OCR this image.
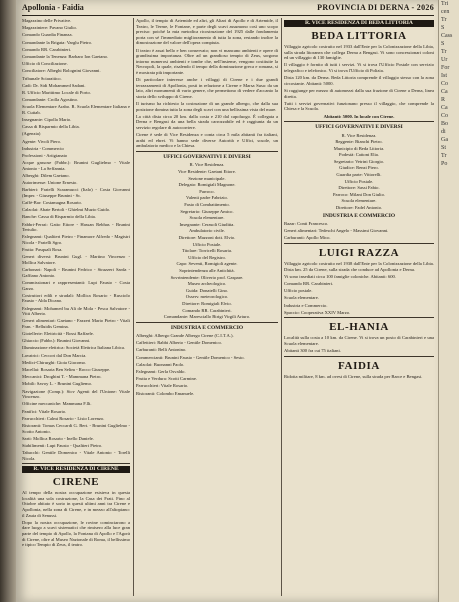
Apollonia - Faidia	PROVINCIA DI DERNA - 2026
Magazzino delle Privative.
Magazziniere: Pavano Giulio.
Comando Guardia Finanza.
Comandante la Brigata: Varglu Pietro.
Comando RR. Carabinieri.
Comandante la Tenenza: Barbaro Ion Gaetano.
Ufficio di Conciliazione.
Conciliatore: Albeghi Bolognini Giovanni.
Tribunale Sciaraitico.
Cadi: Dr. Sidi Mohammed Sadani.
R. Ufficio Marittimo Locale di Porto.
Comandante: Crolla Agostino.
Scuola Elementare Arabo. R. Scuola Elementare Italiana e R. Cuttab.
Insegnante: Cipolla Mario.
Cassa di Risparmio della Libia.
(Agenzia)
Agente: Vivoli Piero.
Industria - Commercio
Professioni - Artigianato
Acque gassose (Fabbr.): Brunini Guglielmo - Vitale Antonio - La Seffannia.
Alberghi: Dilem Gaetano.
Autorimesse: Unione Ernesto.
Barbieri: Fratelli Scaramucci (Italo) - Costa Giovanni (Imper. - Giuseppe Brunini - Sc.
Caffè-Bar: Costamagna Rosario.
Calzolai: Abate Bertoli - Ghielmi Muzio Guido.
Banche: Cassa di Risparmio della Libia.
Fabbri-Ferrai: Gatto Ettore - Hassan Rebhas - Brunini Tertulio.
Falegnami: Qualtieri Pietro - Finamore Alfredo - Magistri Nicola - Fratelli Sgro.
Frutta: Pasquali Rosa.
Generi diversi: Brunini Gugl. - Martino Vincenzo - Mollica Salvatore.
Carbonari: Napoli - Brunini Fedrico - Strazzeri Sarda - Gaffiano Antonio.
Commissionari e rappresentanti: Lupi Fausto - Costa Garzo.
Costruttori edili e stradali: Mollica Rosario - Rusciolo Fausto - Alda Dicano.
Falegnami: Mohamed bu Ali de Mola - Pesca Salvatore - Vitti Alberto.
Generi alimentari: Gaetano - Fazzeri Mario Pietro - Vitali Fran. - Belluidis Gemina.
Gioiellerie: Elettricità - Bossi Raffaele.
Ghiaccio (Fabbr.): Brunini Giovanni.
Illuminazione elettrica: Società Elettrica Italiana Libica.
Lavatrici: Ceccori dal Don Marcia.
Medici-Chirurghi: Gioia Giacomo.
Macellai: Rosaria Ben Selim - Rocco Giuseppe.
Meccanici: Droghini T. - Mammana Pietro.
Mobili: Savoy L. - Brunini Gugliemo.
Navigazione (Comp.): Sicv Agenti del l'Unione: Vitale Vincenzo.
Officine meccaniche: Mammana F.lli.
Panifici: Vitale Rosario.
Parrucchieri: Calmi Rosario - Lisio Lorenzo.
Ristoranti: Tomas Ceccardi G. Bert. - Brunini Guglielmo - Scotto Antonio.
Sarti: Mollica Rosario - Inello Daniele.
Stabilimenti: Lupi Fausto - Qualtieri Pietro.
Tabacchi: Gentile Domenico - Vitale Antonio - Torelli Nicola.
R. VICE RESIDENZA DI CIRENE
CIRENE
Al tempo della nostra occupazione esisteva in questa località una sola costruzione, la Casa dei Frati. Fino al Ottobre abitato è sorto in questi ultimi anni tra Cirene e Apollonia, nella zona di Cirene, e in mezzo all'altopiano: il Zauia di Senussi.
Dopo la nostra occupazione, le rovine cominciarono a dare luogo a scavi sistematici che rimisero alla luce gran parte del tempio di Apollo, la Fontana di Apollo e l'Agorà di Cirene, oltre al Museo Nazionale di Roma, il bellissimo e tipico Tempio di Zeus, il teatro.
Apollo, il tempio di Artemide ed altri, gli Altari di Apollo e di Artemide, il Teatro, le Terme, le Fontane, e parte degli scavi assumono così uno scopo preciso: poiché la mia metodica ricostruzione del 1925 dalle fondamenta porta con sé l'immediato miglioramento di tutta la zona, restando inoltre la dimostrazione del valore dell'opera compiuta.
Il teatro è assai bello e ben conservato; non vi mancano ambienti e opere di grandissima importanza. Oltre ad un grandioso tempio di Zeus, sorgono intorno numerosi ambienti e tombe che, nell'insieme, vengono costituite la Necropoli, la quale, risalendo il tempo della dominazione greca e romana, si è mostrata più importante.
Di particolare interesse anche i villaggi di Cirene e i due grandi terrazzamenti di Apollonia, posti in relazione a Cirene e Marsa Susa: da un lato, altri monumenti di vario genere, che permettono di vedere d'accanto la storia dello sviluppo di Cirene.
Il turismo ha richiesto la costruzione di un grande albergo, che dalla sua posizione domina tutta la zona degli scavi con una bellissima vista del mare.
La città dista circa 20 km. dalla costa e 210 dal capoluogo. È collegata a Derna e Bengasi da una bella strada carrozzabile ed è raggiunta da un servizio regolare di autocorriere.
Cirene è sede di Vice Residenza e conta circa 5 mila abitanti fra italiani, arabi ed ebrei. Vi hanno sede diverse Autorità e Uffici, scuole, un ambulatorio medico e la Chiesa.
UFFICI GOVERNATIVI E DIVERSI
R. Vice Residenza.
Vice Residente: Gaetani Ettore.
Sezione municipale.
Delegato: Romigiali Magnone.
Parroco.
Valenti padre Fabrizio.
Fasto di Combattimento.
Segretario: Giuseppe Amico.
Scuola elementare.
Insegnante: Cerasoli Giuditta.
Ambulatorio civile.
Direttore: Mazzoni dott. Elvio.
Ufficio Postale.
Titolare: Torricelli Rosaria.
Ufficio del Registro.
Capo: Seventi, Romigioli agente.
Soprintendenza alle Antichità.
Sovrintendente: Oliverio prof. Gaspare.
Museo archeologico.
Guida: Donatelli Gino.
Osserv. meteorologico.
Direttore: Romigiali Elvio.
Comando RR. Carabinieri.
Comandante: Maresciallo Birigi Virgili Arturo.
INDUSTRIA E COMMERCIO
Alberghi: Albergo Grande Albergo Cirene (C.I.T.A.).
Caffettieri: Rabbi Alberto - Gentile Domenico.
Carburanti: Belli Antonino.
Commercianti: Brunini Fausto - Gentile Domenico - Sesto.
Calzolai: Buonanni Paolo.
Falegnami: Gerla Osvaldo.
Frutta e Verdura: Scotti Carmine.
Parrucchieri: Vitale Rosario.
Ristoranti: Colombo Emanuele.
R. VICE RESIDENZA DI BEDA LITTORIA
BEDA LITTORIA
Villaggio agricolo costruito nel 1933 dall'Ente per la Colonizzazione della Libia, sulla strada litoranea che collega Derna a Bengasi. Vi sono concessionari coloni ed un villaggio di 130 famiglie.
Il villaggio è fornito di tutti i servizi. Vi si trova l'Ufficio Postale con servizio telegrafico e telefonico. Vi si trova l'Ufficio di Polizia.
Dista 120 km. da Derna. Beda Littoria comprende il villaggio stesso con la zona circostante. Abitanti: 5000.
Si raggiunge per mezzo di automezzi dalla sua frazione di Cirene a Derna, linea diretta.
Tutti i servizi governativi funzionano presso il villaggio, che comprende la Chiesa e la Scuola.
Abitanti: 5000. In locale con Cirene.
UFFICI GOVERNATIVI E DIVERSI
R. Vice Residenza.
Reggente: Bianchi Pietro.
Municipio di Beda Littoria.
Podestà: Cattoni Elia.
Segretario: Vetrini Giorgio.
Giudice: Renzi Piero.
Guardia parte: Vittorelli.
Ufficio Postale.
Direttore: Sassi Fabio.
Parroco: Milani Don Giulio.
Scuola elementare.
Direttore: Fadel Antonio.
INDUSTRIA E COMMERCIO
Bazar: Conti Francesco.
Generi alimentari: Tedeschi Angelo - Massimi Giovanni.
Carburanti: Apollo Mico.
LUIGI RAZZA
Villaggio agricolo costruito nel 1938 dall'Ente per la Colonizzazione della Libia. Dista km. 25 da Cirene, sulla strada che conduce ad Apollonia e Derna.
Vi sono insediati circa 100 famiglie coloniche. Abitanti: 600.
Comando RR. Carabinieri.
Ufficio postale.
Scuola elementare.
Industria e Commercio.
Spaccio: Cooperativa XXIV Marzo.
EL-HANIA
Località sulla costa a 10 km. da Cirene. Vi si trova un posto di Carabinieri e una Scuola elementare.
Abitanti 300 fra cui 75 italiani.
FAIDIA
Ridotta militare, 8 km. ad ovest di Cirene, sulla strada per Barce e Bengasi.
Tri
cen
Tr
S
Cass
S
Tr
Ur
For
Ist
Co
Ca
R
Ca
Co
Bo
di
Ga
St
Tr
Po
